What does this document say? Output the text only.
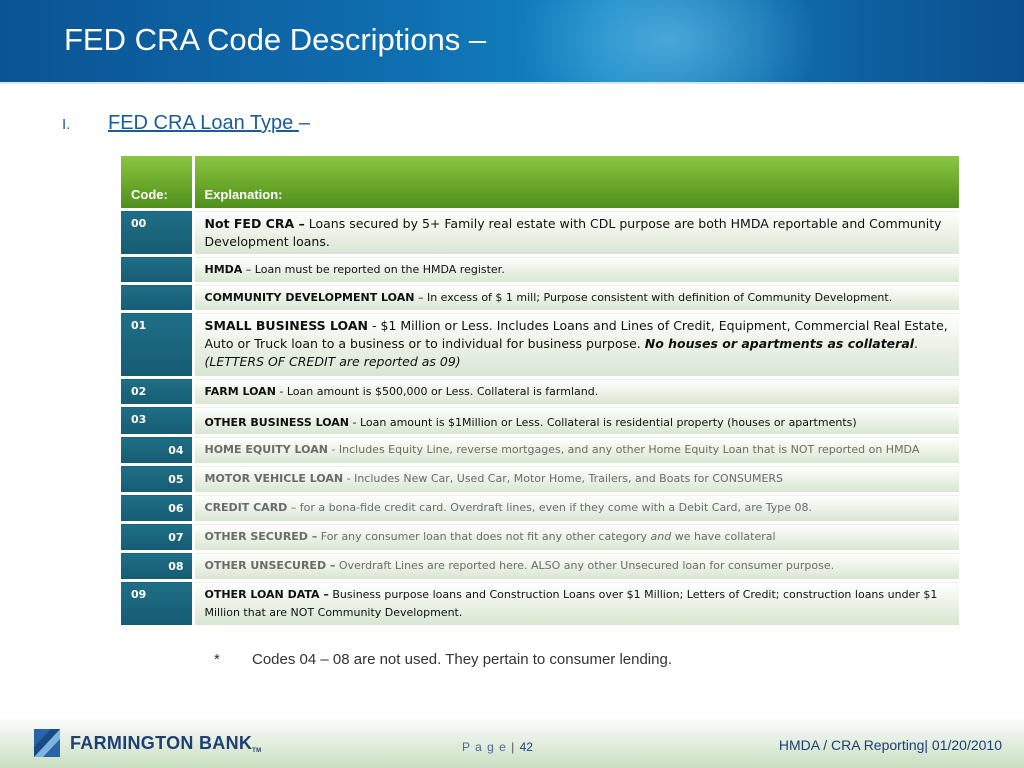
FED CRA Code Descriptions –
I. FED CRA Loan Type –
Code:	Explanation:
00	Not FED CRA – Loans secured by 5+ Family real estate with CDL purpose are both HMDA reportable and Community Development loans.
	HMDA – Loan must be reported on the HMDA register.
	COMMUNITY DEVELOPMENT LOAN – In excess of $ 1 mill; Purpose consistent with definition of Community Development.
01	SMALL BUSINESS LOAN - $1 Million or Less. Includes Loans and Lines of Credit, Equipment, Commercial Real Estate, Auto or Truck loan to a business or to individual for business purpose. No houses or apartments as collateral.
(LETTERS OF CREDIT are reported as 09)
02	FARM LOAN - Loan amount is $500,000 or Less. Collateral is farmland.
03	OTHER BUSINESS LOAN - Loan amount is $1Million or Less. Collateral is residential property (houses or apartments)
04	HOME EQUITY LOAN - Includes Equity Line, reverse mortgages, and any other Home Equity Loan that is NOT reported on HMDA
05	MOTOR VEHICLE LOAN - Includes New Car, Used Car, Motor Home, Trailers, and Boats for CONSUMERS
06	CREDIT CARD – for a bona-fide credit card. Overdraft lines, even if they come with a Debit Card, are Type 08.
07	OTHER SECURED – For any consumer loan that does not fit any other category and we have collateral
08	OTHER UNSECURED – Overdraft Lines are reported here. ALSO any other Unsecured loan for consumer purpose.
09	OTHER LOAN DATA – Business purpose loans and Construction Loans over $1 Million; Letters of Credit; construction loans under $1 Million that are NOT Community Development.
* Codes 04 – 08 are not used. They pertain to consumer lending.
FARMINGTON BANKTM	P a g e | 42	HMDA / CRA Reporting| 01/20/2010
